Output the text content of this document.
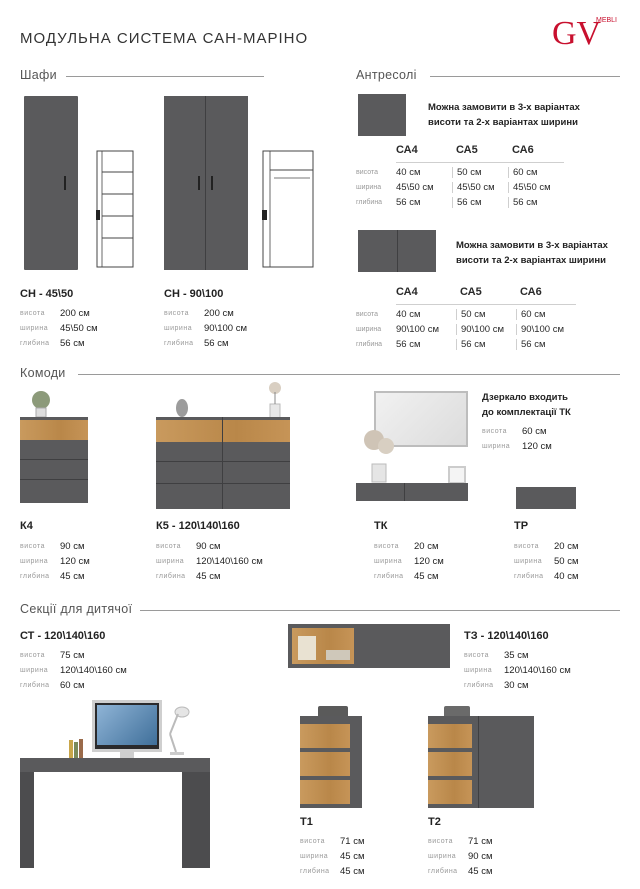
МОДУЛЬНА СИСТЕМА САН-МАРІНО	GV
MEBLI
Шафи	Антресолі
СН - 45\50
висота	200 см
ширина	45\50 см
глибина	56 см
СН - 90\100
висота	200 см
ширина	90\100 см
глибина	56 см
Можна замовити в 3-х варіантах
висоти та 2-х варіантах ширини
СА4	СА5	СА6
висота	40 см	50 см	60 см
ширина	45\50 см	45\50 см	45\50 см
глибина	56 см	56 см	56 см
Можна замовити в 3-х варіантах
висоти та 2-х варіантах ширини
СА4	СА5	СА6
висота	40 см	50 см	60 см
ширина	90\100 см	90\100 см	90\100 см
глибина	56 см	56 см	56 см
Комоди
Дзеркало входить
до комплектації ТК
висота	60 см
ширина	120 см
К4
висота	90 см
ширина	120 см
глибина	45 см
К5 - 120\140\160
висота	90 см
ширина	120\140\160 см
глибина	45 см
ТК
висота	20 см
ширина	120 см
глибина	45 см
ТР
висота	20 см
ширина	50 см
глибина	40 см
Секції для дитячої
СТ - 120\140\160
висота	75 см
ширина	120\140\160 см
глибина	60 см
ТЗ - 120\140\160
висота	35 см
ширина	120\140\160 см
глибина	30 см
Т1
висота	71 см
ширина	45 см
глибина	45 см
Т2
висота	71 см
ширина	90 см
глибина	45 см
